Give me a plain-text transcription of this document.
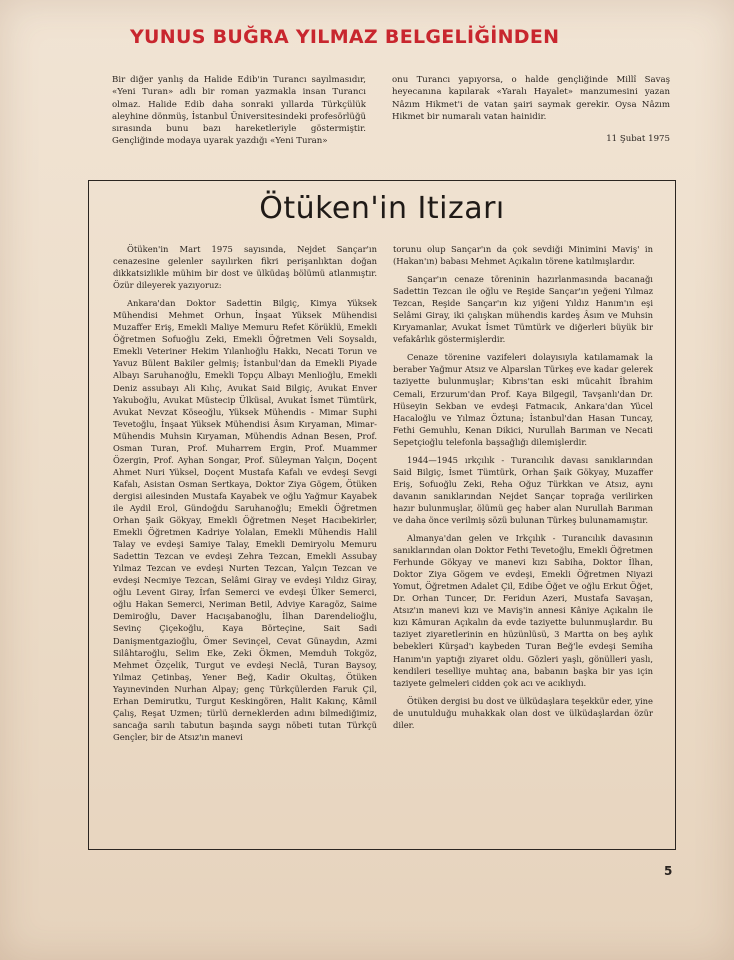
YUNUS BUĞRA YILMAZ BELGELİĞİNDEN
Bir diğer yanlış da Halide Edib'in Turancı sayılmasıdır, «Yeni Turan» adlı bir roman yazmakla insan Turancı olmaz. Halide Edib daha sonraki yıllarda Türkçülük aleyhine dönmüş, İstanbul Üniversitesindeki profesörlüğü sırasında bunu bazı hareketleriyle göstermiştir. Gençliğinde modaya uyarak yazdığı «Yeni Turan»
onu Turancı yapıyorsa, o halde gençliğinde Millî Savaş heyecanına kapılarak «Yaralı Hayalet» manzumesini yazan Nâzım Hikmet'i de vatan şairi saymak gerekir. Oysa Nâzım Hikmet bir numaralı vatan hainidir.
11 Şubat 1975
Ötüken'in Itizarı

Ötüken'in Mart 1975 sayısında, Nejdet Sançar'ın cenazesine gelenler sayılırken fikri perişanlıktan doğan dikkatsizlikle mühim bir dost ve ülküdaş bölümü atlanmıştır. Özür dileyerek yazıyoruz:

Ankara'dan Doktor Sadettin Bilgiç, Kimya Yüksek Mühendisi Mehmet Orhun, İnşaat Yüksek Mühendisi Muzaffer Eriş, Emekli Maliye Memuru Refet Körüklü, Emekli Öğretmen Sofuoğlu Zeki, Emekli Öğretmen Veli Soysaldı, Emekli Veteriner Hekim Yılanlıoğlu Hakkı, Necati Torun ve Yavuz Bülent Bakiler gelmiş; İstanbul'dan da Emekli Piyade Albayı Saruhanoğlu, Emekli Topçu Albayı Menlioğlu, Emekli Deniz assubayı Ali Kılıç, Avukat Said Bilgiç, Avukat Enver Yakuboğlu, Avukat Müstecip Ülküsal, Avukat İsmet Tümtürk, Avukat Nevzat Köseoğlu, Yüksek Mühendis - Mimar Suphi Tevetoğlu, İnşaat Yüksek Mühendisi Âsım Kıryaman, Mimar-Mühendis Muhsin Kıryaman, Mühendis Adnan Besen, Prof. Osman Turan, Prof. Muharrem Ergin, Prof. Muammer Özergin, Prof. Ayhan Songar, Prof. Süleyman Yalçın, Doçent Ahmet Nuri Yüksel, Doçent Mustafa Kafalı ve evdeşi Sevgi Kafalı, Asistan Osman Sertkaya, Doktor Ziya Gögem, Ötüken dergisi ailesinden Mustafa Kayabek ve oğlu Yağmur Kayabek ile Aydil Erol, Gündoğdu Saruhanoğlu; Emekli Öğretmen Orhan Şaik Gökyay, Emekli Öğretmen Neşet Hacıbekirler, Emekli Öğretmen Kadriye Yolalan, Emekli Mühendis Halil Talay ve evdeşi Samiye Talay, Emekli Demiryolu Memuru Sadettin Tezcan ve evdeşi Zehra Tezcan, Emekli Assubay Yılmaz Tezcan ve evdeşi Nurten Tezcan, Yalçın Tezcan ve evdeşi Necmiye Tezcan, Selâmi Giray ve evdeşi Yıldız Giray, oğlu Levent Giray, İrfan Semerci ve evdeşi Ülker Semerci, oğlu Hakan Semerci, Neriman Betil, Adviye Karagöz, Saime Demiroğlu, Daver Hacışabanoğlu, İlhan Darendelioğlu, Sevinç Çiçekoğlu, Kaya Börteçine, Sait Sadi Danişmentgazioğlu, Ömer Sevinçel, Cevat Günaydın, Azmi Silâhtaroğlu, Selim Eke, Zeki Ökmen, Memduh Tokgöz, Mehmet Özçelik, Turgut ve evdeşi Neclâ, Turan Baysoy, Yılmaz Çetinbaş, Yener Beğ, Kadir Okultaş, Ötüken Yayınevinden Nurhan Alpay; genç Türkçülerden Faruk Çil, Erhan Demirutku, Turgut Keskingören, Halit Kakınç, Kâmil Çalış, Reşat Uzmen; türlü derneklerden adını bilmediğimiz, sancağa sarılı tabutun başında saygı nöbeti tutan Türkçü Gençler, bir de Atsız'ın manevi

torunu olup Sançar'ın da çok sevdiği Minimini Maviş' in (Hakan'ın) babası Mehmet Açıkalın törene katılmışlardır.

Sançar'ın cenaze töreninin hazırlanmasında bacanağı Sadettin Tezcan ile oğlu ve Reşide Sançar'ın yeğeni Yılmaz Tezcan, Reşide Sançar'ın kız yiğeni Yıldız Hanım'ın eşi Selâmi Giray, iki çalışkan mühendis kardeş Âsım ve Muhsin Kıryamanlar, Avukat İsmet Tümtürk ve diğerleri büyük bir vefakârlık göstermişlerdir.

Cenaze törenine vazifeleri dolayısıyla katılamamak la beraber Yağmur Atsız ve Alparslan Türkeş eve kadar gelerek taziyette bulunmuşlar; Kıbrıs'tan eski mücahit İbrahim Cemali, Erzurum'dan Prof. Kaya Bilgegil, Tavşanlı'dan Dr. Hüseyin Sekban ve evdeşi Fatmacık, Ankara'dan Yücel Hacaloğlu ve Yılmaz Öztuna; İstanbul'dan Hasan Tuncay, Fethi Gemuhlu, Kenan Dikici, Nurullah Barıman ve Necati Sepetçioğlu telefonla başsağlığı dilemişlerdir.

1944—1945 ırkçılık - Turancılık davası sanıklarından Said Bilgiç, İsmet Tümtürk, Orhan Şaik Gökyay, Muzaffer Eriş, Sofuoğlu Zeki, Reha Oğuz Türkkan ve Atsız, aynı davanın sanıklarından Nejdet Sançar toprağa verilirken hazır bulunmuşlar, ölümü geç haber alan Nurullah Barıman ve daha önce verilmiş sözü bulunan Türkeş bulunamamıştır.

Almanya'dan gelen ve Irkçılık - Turancılık davasının sanıklarından olan Doktor Fethi Tevetoğlu, Emekli Öğretmen Ferhunde Gökyay ve manevi kızı Sabiha, Doktor İlhan, Doktor Ziya Gögem ve evdeşi, Emekli Öğretmen Niyazi Yomut, Öğretmen Adalet Çil, Edibe Öğet ve oğlu Erkut Öğet, Dr. Orhan Tuncer, Dr. Feridun Azeri, Mustafa Savaşan, Atsız'ın manevi kızı ve Maviş'in annesi Kâniye Açıkalın ile kızı Kâmuran Açıkalın da evde taziyette bulunmuşlardır. Bu taziyet ziyaretlerinin en hüzünlüsü, 3 Martta on beş aylık bebekleri Kürşad'ı kaybeden Turan Beğ'le evdeşi Semiha Hanım'ın yaptığı ziyaret oldu. Gözleri yaşlı, gönülleri yaslı, kendileri teselliye muhtaç ana, babanın başka bir yas için taziyete gelmeleri cidden çok acı ve acıklıydı.

Ötüken dergisi bu dost ve ülküdaşlara teşekkür eder, yine de unutulduğu muhakkak olan dost ve ülküdaşlardan özür diler.

5
